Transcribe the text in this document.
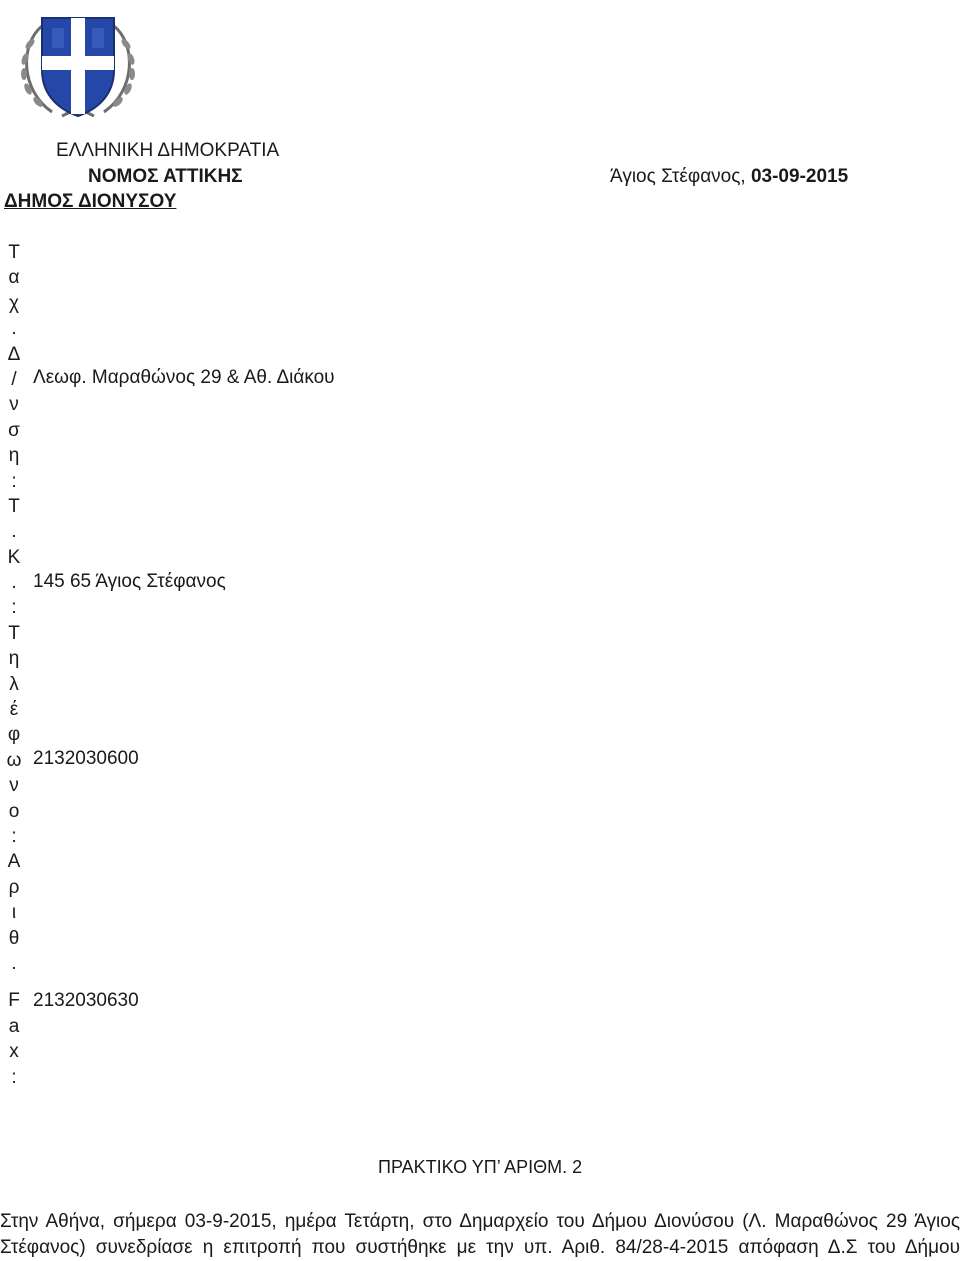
ΕΛΛΗΝΙΚΗ ΔΗΜΟΚΡΑΤΙΑ
ΝΟΜΟΣ ΑΤΤΙΚΗΣ
ΔΗΜΟΣ ΔΙΟΝΥΣΟΥ
Άγιος Στέφανος, 03-09-2015
Τ
α
χ
.
Δ
/
ν
σ
η
:
Τ
.
Κ
.
:
Τ
η
λ
έ
φ
ω
ν
ο
:
Α
ρ
ι
θ
.
F
a
x
:
Λεωφ. Μαραθώνος 29 & Αθ. Διάκου
145 65 Άγιος Στέφανος
2132030600
2132030630
ΠΡΑΚΤΙΚΟ ΥΠ’ ΑΡΙΘΜ. 2
Στην Αθήνα, σήμερα 03-9-2015, ημέρα Τετάρτη, στο Δημαρχείο του Δήμου Διονύσου (Λ. Μαραθώνος 29 Άγιος
Στέφανος) συνεδρίασε η επιτροπή που συστήθηκε με την υπ. Αριθ. 84/28-4-2015 απόφαση Δ.Σ του Δήμου
